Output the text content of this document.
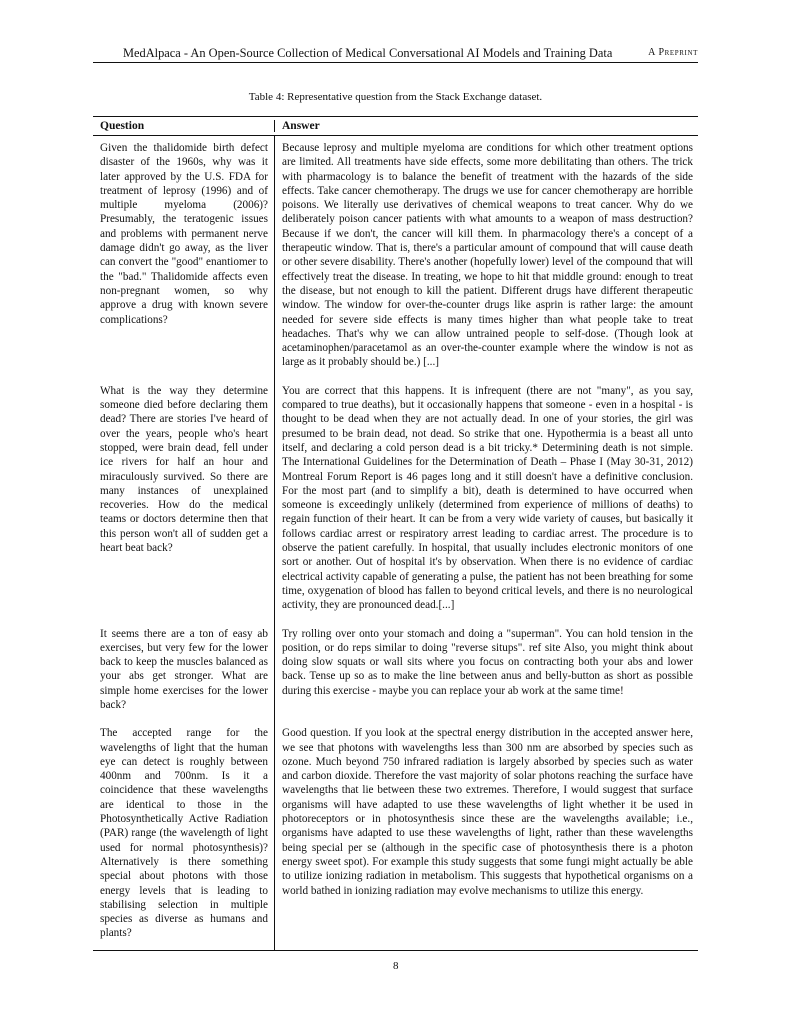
MedAlpaca - An Open-Source Collection of Medical Conversational AI Models and Training Data	A Preprint
Table 4: Representative question from the Stack Exchange dataset.
Question	Answer
Given the thalidomide birth defect disaster of the 1960s, why was it later approved by the U.S. FDA for treatment of leprosy (1996) and of multiple myeloma (2006)? Presumably, the teratogenic issues and problems with permanent nerve damage didn't go away, as the liver can convert the "good" enantiomer to the "bad." Thalidomide affects even non-pregnant women, so why approve a drug with known severe complications?
Because leprosy and multiple myeloma are conditions for which other treatment options are limited. All treatments have side effects, some more debilitating than others. The trick with pharmacology is to balance the benefit of treatment with the hazards of the side effects. Take cancer chemotherapy. The drugs we use for cancer chemotherapy are horrible poisons. We literally use derivatives of chemical weapons to treat cancer. Why do we deliberately poison cancer patients with what amounts to a weapon of mass destruction? Because if we don't, the cancer will kill them. In pharmacology there's a concept of a therapeutic window. That is, there's a particular amount of compound that will cause death or other severe disability. There's another (hopefully lower) level of the compound that will effectively treat the disease. In treating, we hope to hit that middle ground: enough to treat the disease, but not enough to kill the patient. Different drugs have different therapeutic window. The window for over-the-counter drugs like asprin is rather large: the amount needed for severe side effects is many times higher than what people take to treat headaches. That's why we can allow untrained people to self-dose. (Though look at acetaminophen/paracetamol as an over-the-counter example where the window is not as large as it probably should be.) [...]
What is the way they determine someone died before declaring them dead? There are stories I've heard of over the years, people who's heart stopped, were brain dead, fell under ice rivers for half an hour and miraculously survived. So there are many instances of unexplained recoveries. How do the medical teams or doctors determine then that this person won't all of sudden get a heart beat back?
You are correct that this happens. It is infrequent (there are not "many", as you say, compared to true deaths), but it occasionally happens that someone - even in a hospital - is thought to be dead when they are not actually dead. In one of your stories, the girl was presumed to be brain dead, not dead. So strike that one. Hypothermia is a beast all unto itself, and declaring a cold person dead is a bit tricky.* Determining death is not simple. The International Guidelines for the Determination of Death – Phase I (May 30-31, 2012) Montreal Forum Report is 46 pages long and it still doesn't have a definitive conclusion. For the most part (and to simplify a bit), death is determined to have occurred when someone is exceedingly unlikely (determined from experience of millions of deaths) to regain function of their heart. It can be from a very wide variety of causes, but basically it follows cardiac arrest or respiratory arrest leading to cardiac arrest. The procedure is to observe the patient carefully. In hospital, that usually includes electronic monitors of one sort or another. Out of hospital it's by observation. When there is no evidence of cardiac electrical activity capable of generating a pulse, the patient has not been breathing for some time, oxygenation of blood has fallen to beyond critical levels, and there is no neurological activity, they are pronounced dead.[...]
It seems there are a ton of easy ab exercises, but very few for the lower back to keep the muscles balanced as your abs get stronger. What are simple home exercises for the lower back?
Try rolling over onto your stomach and doing a "superman". You can hold tension in the position, or do reps similar to doing "reverse situps". ref site Also, you might think about doing slow squats or wall sits where you focus on contracting both your abs and lower back. Tense up so as to make the line between anus and belly-button as short as possible during this exercise - maybe you can replace your ab work at the same time!
The accepted range for the wavelengths of light that the human eye can detect is roughly between 400nm and 700nm. Is it a coincidence that these wavelengths are identical to those in the Photosynthetically Active Radiation (PAR) range (the wavelength of light used for normal photosynthesis)? Alternatively is there something special about photons with those energy levels that is leading to stabilising selection in multiple species as diverse as humans and plants?
Good question. If you look at the spectral energy distribution in the accepted answer here, we see that photons with wavelengths less than 300 nm are absorbed by species such as ozone. Much beyond 750 infrared radiation is largely absorbed by species such as water and carbon dioxide. Therefore the vast majority of solar photons reaching the surface have wavelengths that lie between these two extremes. Therefore, I would suggest that surface organisms will have adapted to use these wavelengths of light whether it be used in photoreceptors or in photosynthesis since these are the wavelengths available; i.e., organisms have adapted to use these wavelengths of light, rather than these wavelengths being special per se (although in the specific case of photosynthesis there is a photon energy sweet spot). For example this study suggests that some fungi might actually be able to utilize ionizing radiation in metabolism. This suggests that hypothetical organisms on a world bathed in ionizing radiation may evolve mechanisms to utilize this energy.
8
